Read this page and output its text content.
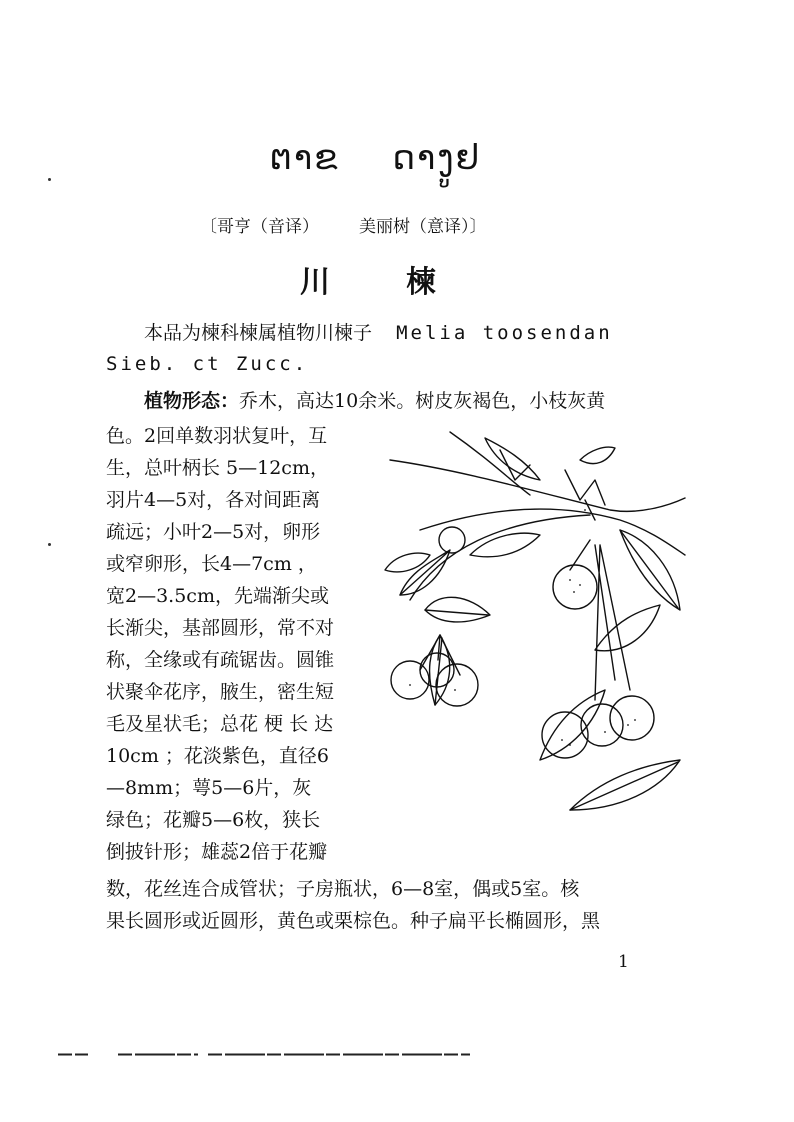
ຕາຂ ດາງູຢ
〔哥亨（音译） 美丽树（意译）〕
川楝
本品为楝科楝属植物川楝子 Melia toosendan
Sieb. ct Zucc.
植物形态：乔木，高达10余米。树皮灰褐色，小枝灰黄
色。2回单数羽状复叶，互
生，总叶柄长 5—12cm，
羽片4—5对，各对间距离
疏远；小叶2—5对，卵形
或窄卵形，长4—7cm ，
宽2—3.5cm，先端渐尖或
长渐尖，基部圆形，常不对
称，全缘或有疏锯齿。圆锥
状聚伞花序，腋生，密生短
毛及星状毛；总花 梗 长 达
10cm ；花淡紫色，直径6
—8mm；萼5—6片，灰
绿色；花瓣5—6枚，狭长
倒披针形；雄蕊2倍于花瓣
数，花丝连合成管状；子房瓶状，6—8室，偶或5室。核
果长圆形或近圆形，黄色或栗棕色。种子扁平长椭圆形，黑
1
